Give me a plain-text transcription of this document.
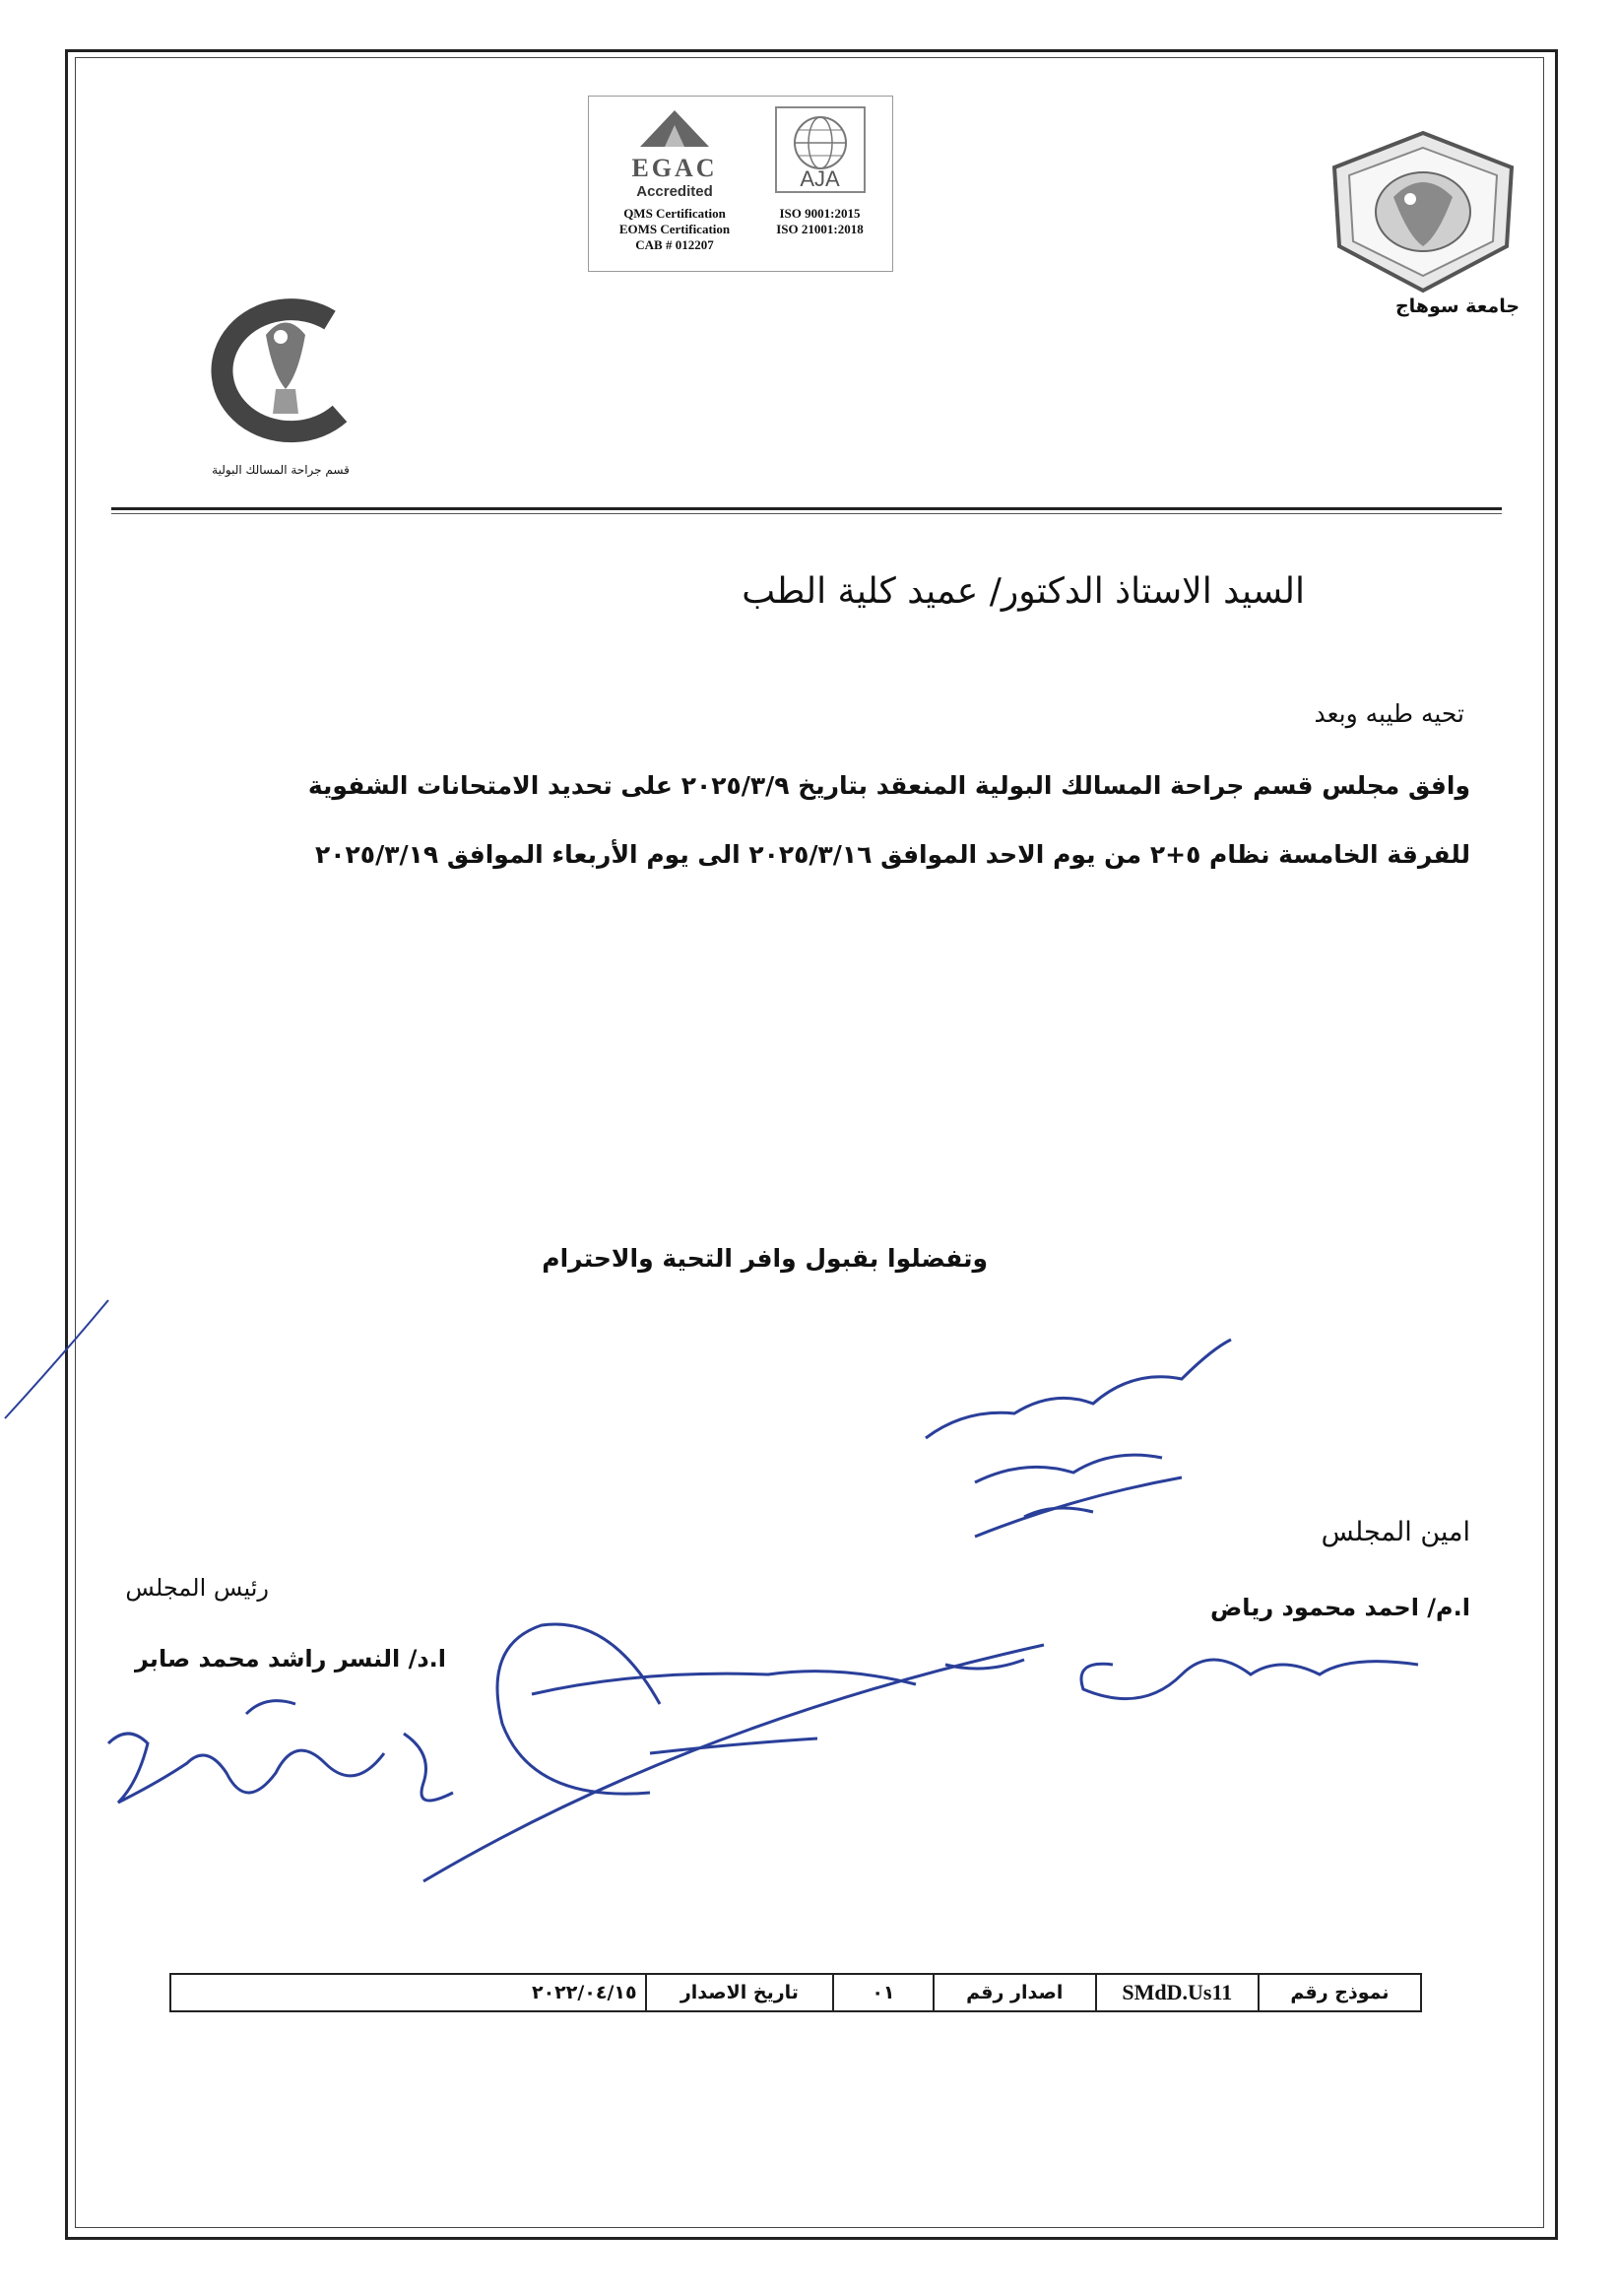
جامعة سوهاج
EGAC
Accredited
QMS Certification
EOMS Certification
CAB # 012207
AJA
ISO 9001:2015
ISO 21001:2018
قسم جراحة المسالك البولية
السيد الاستاذ الدكتور/ عميد كلية الطب
تحيه طيبه وبعد
وافق مجلس قسم جراحة المسالك البولية المنعقد بتاريخ ٢٠٢٥/٣/٩ على تحديد الامتحانات الشفوية
للفرقة الخامسة نظام ٥+٢ من يوم الاحد الموافق ٢٠٢٥/٣/١٦ الى يوم الأربعاء الموافق ٢٠٢٥/٣/١٩
وتفضلوا بقبول وافر التحية والاحترام
امين المجلس
ا.م/ احمد محمود رياض
رئيس المجلس
ا.د/ النسر راشد محمد صابر
نموذج رقم	SMdD.Us11	اصدار رقم	٠١	تاريخ الاصدار	٢٠٢٢/٠٤/١٥
